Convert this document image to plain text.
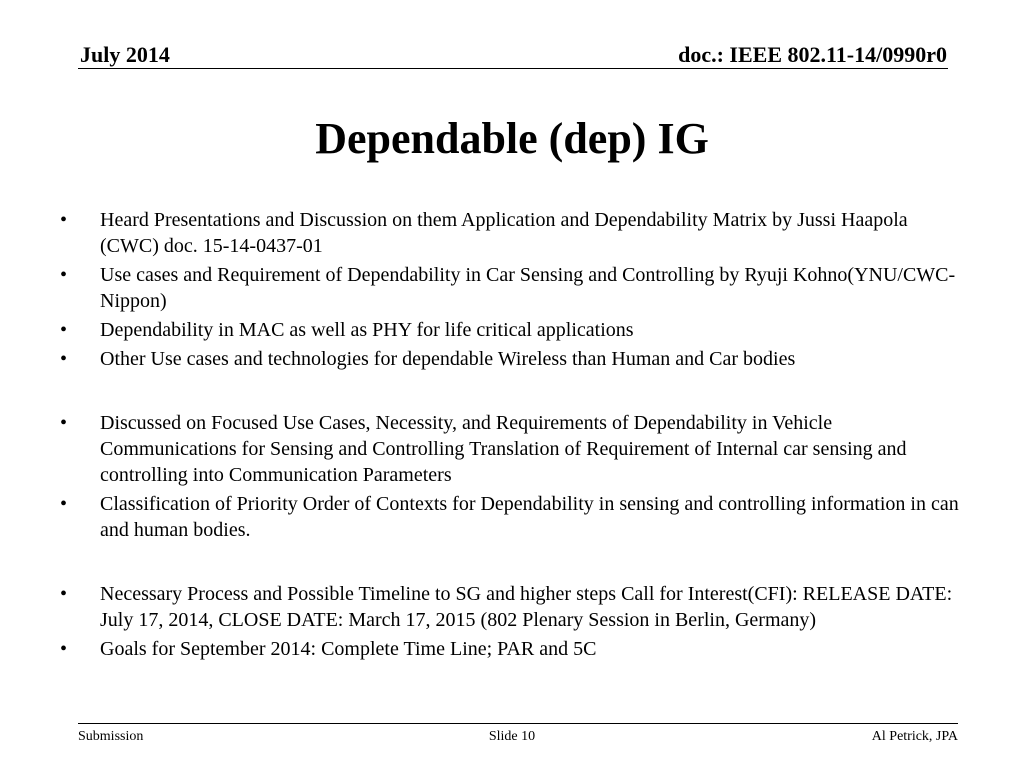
July 2014	doc.: IEEE 802.11-14/0990r0
Dependable (dep) IG
• Heard Presentations and Discussion on them Application and Dependability Matrix by Jussi Haapola (CWC) doc. 15-14-0437-01
• Use cases and Requirement of Dependability in Car Sensing and Controlling by Ryuji Kohno(YNU/CWC-Nippon)
• Dependability in MAC as well as PHY for life critical applications
• Other Use cases and technologies for dependable Wireless than Human and Car bodies
• Discussed on Focused Use Cases, Necessity, and Requirements of Dependability in Vehicle Communications for Sensing and Controlling Translation of Requirement of Internal car sensing and controlling into Communication Parameters
• Classification of Priority Order of Contexts for Dependability in sensing and controlling information in can and human bodies.
• Necessary Process and Possible Timeline to SG and higher steps Call for Interest(CFI): RELEASE DATE: July 17, 2014, CLOSE DATE: March 17, 2015 (802 Plenary Session in Berlin, Germany)
• Goals for September 2014: Complete Time Line; PAR and 5C
Submission	Slide 10	Al Petrick, JPA
